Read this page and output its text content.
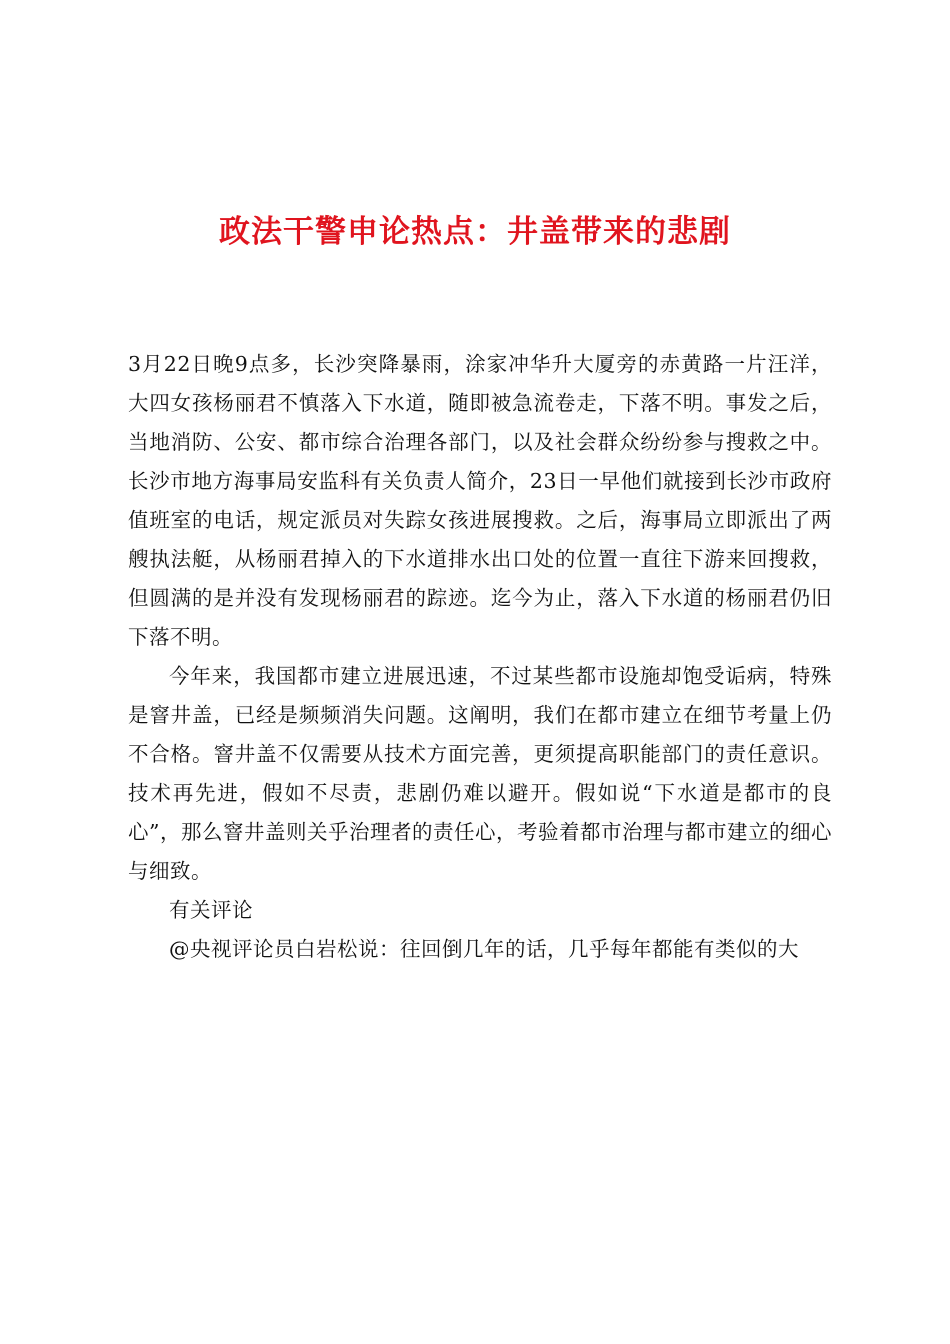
政法干警申论热点：井盖带来的悲剧

3月22日晚9点多，长沙突降暴雨，涂家冲华升大厦旁的赤黄路一片汪洋，大四女孩杨丽君不慎落入下水道，随即被急流卷走，下落不明。事发之后，当地消防、公安、都市综合治理各部门，以及社会群众纷纷参与搜救之中。长沙市地方海事局安监科有关负责人简介，23日一早他们就接到长沙市政府值班室的电话，规定派员对失踪女孩进展搜救。之后，海事局立即派出了两艘执法艇，从杨丽君掉入的下水道排水出口处的位置一直往下游来回搜救，但圆满的是并没有发现杨丽君的踪迹。迄今为止，落入下水道的杨丽君仍旧下落不明。

今年来，我国都市建立进展迅速，不过某些都市设施却饱受诟病，特殊是窨井盖，已经是频频消失问题。这阐明，我们在都市建立在细节考量上仍不合格。窨井盖不仅需要从技术方面完善，更须提高职能部门的责任意识。技术再先进，假如不尽责，悲剧仍难以避开。假如说“下水道是都市的良心”，那么窨井盖则关乎治理者的责任心，考验着都市治理与都市建立的细心与细致。

有关评论

@央视评论员白岩松说：往回倒几年的话，几乎每年都能有类似的大
